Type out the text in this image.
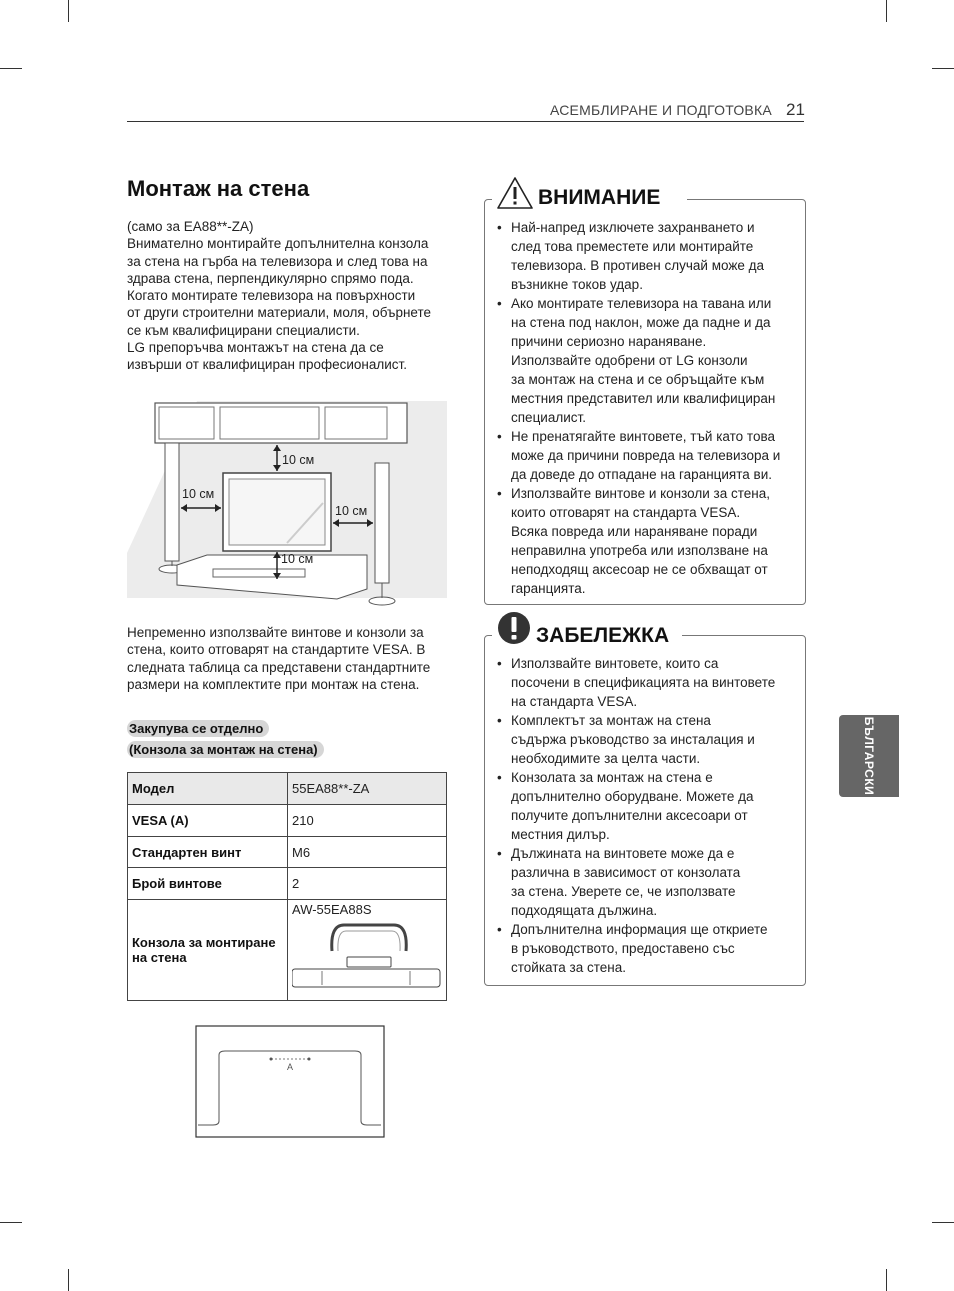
АСЕМБЛИРАНЕ И ПОДГОТОВКА 21
Монтаж на стена
(само за EA88**-ZA)
Внимателно монтирайте допълнителна конзола
за стена на гърба на телевизора и след това на
здрава стена, перпендикулярно спрямо пода.
Когато монтирате телевизора на повърхности
от други строителни материали, моля, обърнете
се към квалифицирани специалисти.
LG препоръчва монтажът на стена да се
извърши от квалифициран професионалист.
10 см
10 см
10 см
10 см
Непременно използвайте винтове и конзоли за
стена, които отговарят на стандартите VESA. В
следната таблица са представени стандартните
размери на комплектите при монтаж на стена.
Закупува се отделно
(Конзола за монтаж на стена)
Модел	55EA88**-ZA
VESA (A)	210
Стандартен винт	M6
Брой винтове	2
Конзола за монтиране на стена	AW-55EA88S
A
• Най-напред изключете захранването и
след това преместете или монтирайте
телевизора. В противен случай може да
възникне токов удар.
• Ако монтирате телевизора на тавана или
на стена под наклон, може да падне и да
причини сериозно нараняване.
Използвайте одобрени от LG конзоли
за монтаж на стена и се обръщайте към
местния представител или квалифициран
специалист.
• Не пренатягайте винтовете, тъй като това
може да причини повреда на телевизора и
да доведе до отпадане на гаранцията ви.
• Използвайте винтове и конзоли за стена,
които отговарят на стандарта VESA.
Всяка повреда или нараняване поради
неправилна употреба или използване на
неподходящ аксесоар не се обхващат от
гаранцията.
ВНИМАНИЕ
• Използвайте винтовете, които са
посочени в спецификацията на винтовете
на стандарта VESA.
• Комплектът за монтаж на стена
съдържа ръководство за инсталация и
необходимите за целта части.
• Конзолата за монтаж на стена е
допълнително оборудване. Можете да
получите допълнителни аксесоари от
местния дилър.
• Дължината на винтовете може да е
различна в зависимост от конзолата
за стена. Уверете се, че използвате
подходящата дължина.
• Допълнителна информация ще откриете
в ръководството, предоставено със
стойката за стена.
ЗАБЕЛЕЖКА
БЪЛГАРСКИ
